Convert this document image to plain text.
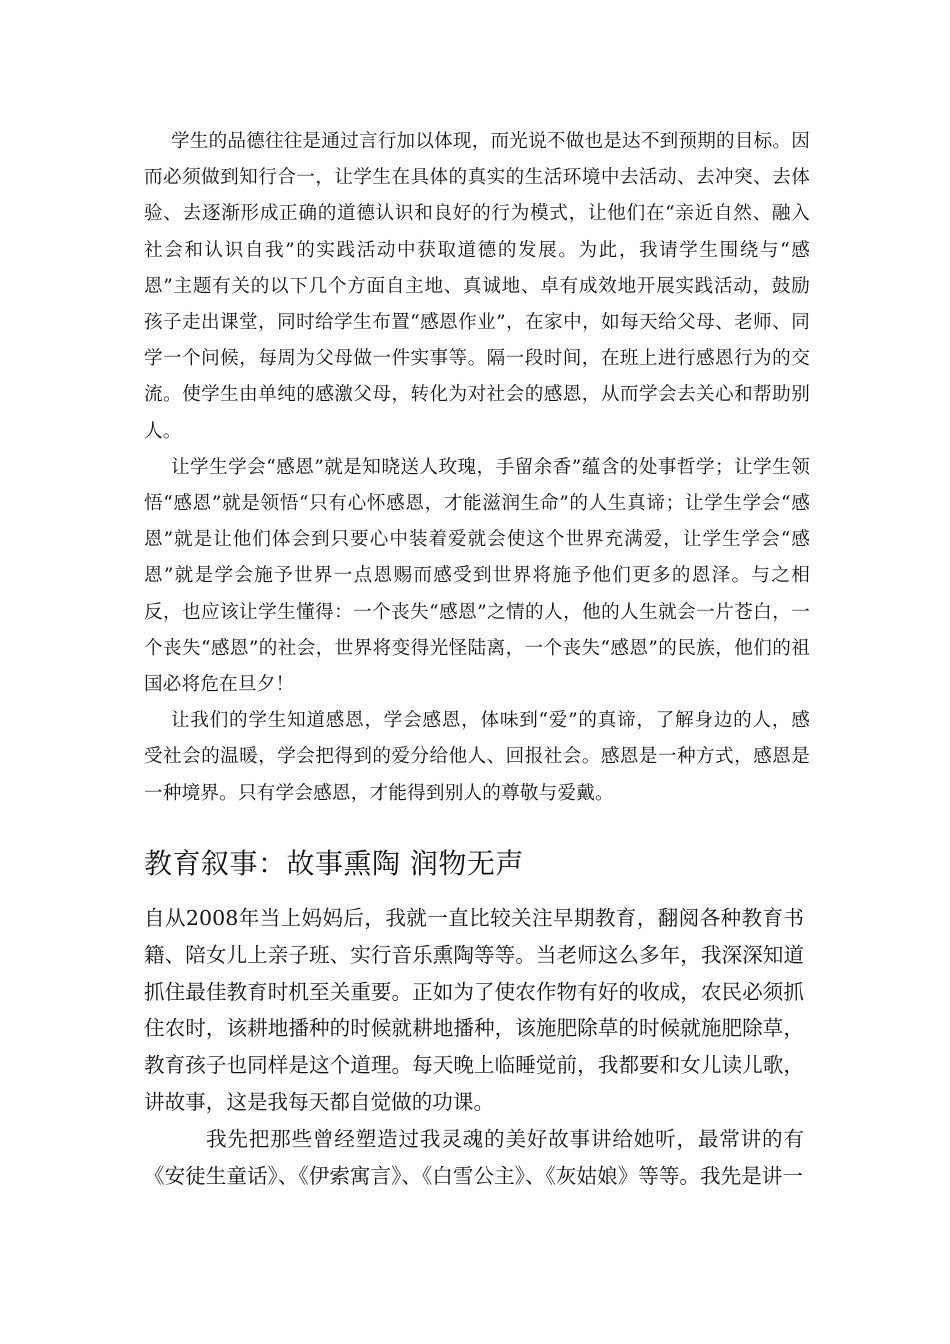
学生的品德往往是通过言行加以体现，而光说不做也是达不到预期的目标。因而必须做到知行合一，让学生在具体的真实的生活环境中去活动、去冲突、去体验、去逐渐形成正确的道德认识和良好的行为模式，让他们在“亲近自然、融入社会和认识自我”的实践活动中获取道德的发展。为此，我请学生围绕与“感恩”主题有关的以下几个方面自主地、真诚地、卓有成效地开展实践活动，鼓励孩子走出课堂，同时给学生布置“感恩作业”，在家中，如每天给父母、老师、同学一个问候，每周为父母做一件实事等。隔一段时间，在班上进行感恩行为的交流。使学生由单纯的感激父母，转化为对社会的感恩，从而学会去关心和帮助别人。

让学生学会“感恩”就是知晓送人玫瑰，手留余香”蕴含的处事哲学；让学生领悟“感恩”就是领悟“只有心怀感恩，才能滋润生命”的人生真谛；让学生学会“感恩”就是让他们体会到只要心中装着爱就会使这个世界充满爱，让学生学会“感恩”就是学会施予世界一点恩赐而感受到世界将施予他们更多的恩泽。与之相反，也应该让学生懂得：一个丧失“感恩”之情的人，他的人生就会一片苍白，一个丧失“感恩”的社会，世界将变得光怪陆离，一个丧失“感恩”的民族，他们的祖国必将危在旦夕！

让我们的学生知道感恩，学会感恩，体味到“爱”的真谛，了解身边的人，感受社会的温暖，学会把得到的爱分给他人、回报社会。感恩是一种方式，感恩是一种境界。只有学会感恩，才能得到别人的尊敬与爱戴。

教育叙事：故事熏陶 润物无声

自从2008年当上妈妈后，我就一直比较关注早期教育，翻阅各种教育书籍、陪女儿上亲子班、实行音乐熏陶等等。当老师这么多年，我深深知道抓住最佳教育时机至关重要。正如为了使农作物有好的收成，农民必须抓住农时，该耕地播种的时候就耕地播种，该施肥除草的时候就施肥除草，教育孩子也同样是这个道理。每天晚上临睡觉前，我都要和女儿读儿歌，讲故事，这是我每天都自觉做的功课。

我先把那些曾经塑造过我灵魂的美好故事讲给她听，最常讲的有《安徒生童话》、《伊索寓言》、《白雪公主》、《灰姑娘》等等。我先是讲一
